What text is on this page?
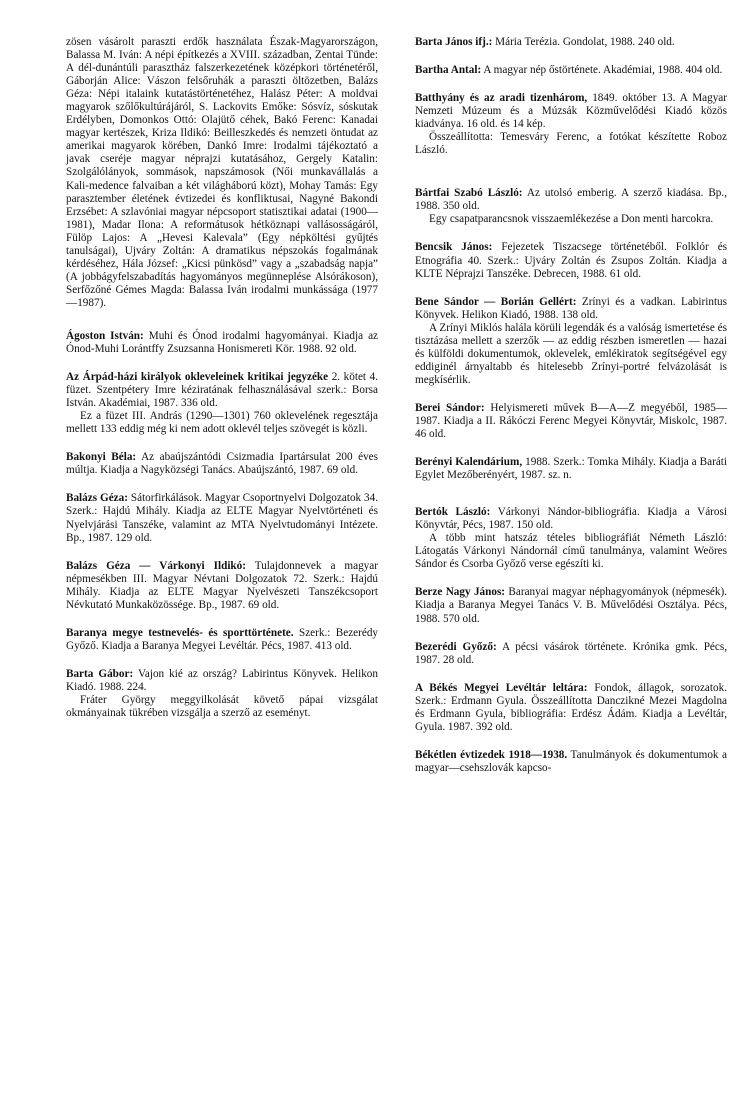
zösen vásárolt paraszti erdők használata Észak-Magyarországon, Balassa M. Iván: A népi építkezés a XVIII. században, Zentai Tünde: A dél-dunántúli parasztház falszerkezetének középkori történetéről, Gáborján Alice: Vászon felsőruhák a paraszti öltözetben, Balázs Géza: Népi italaink kutatástörténetéhez, Halász Péter: A moldvai magyarok szőlőkultúrájáról, S. Lackovits Emőke: Sósvíz, sóskutak Erdélyben, Domonkos Ottó: Olajütő céhek, Bakó Ferenc: Kanadai magyar kertészek, Kriza Ildikó: Beilleszkedés és nemzeti öntudat az amerikai magyarok körében, Dankó Imre: Irodalmi tájékoztató a javak cseréje magyar néprajzi kutatásához, Gergely Katalin: Szolgálólányok, sommások, napszámosok (Női munkavállalás a Kali-medence falvaiban a két világháború közt), Mohay Tamás: Egy parasztember életének évtizedei és konfliktusai, Nagyné Bakondi Erzsébet: A szlavóniai magyar népcsoport statisztikai adatai (1900—1981), Madar Ilona: A reformátusok hétköznapi vallásosságáról, Fülöp Lajos: A „Hevesi Kalevala” (Egy népköltési gyűjtés tanulságai), Ujváry Zoltán: A dramatikus népszokás fogalmának kérdéséhez, Hála József: „Kicsi pünkösd” vagy a „szabadság napja” (A jobbágyfelszabadítás hagyományos megünneplése Alsórákoson), Serfőzőné Gémes Magda: Balassa Iván irodalmi munkássága (1977—1987).

Ágoston István: Muhi és Ónod irodalmi hagyományai. Kiadja az Ónod-Muhi Lorántffy Zsuzsanna Honismereti Kör. 1988. 92 old.

Az Árpád-házi királyok okleveleinek kritikai jegyzéke 2. kötet 4. füzet. Szentpétery Imre kéziratának felhasználásával szerk.: Borsa István. Akadémiai, 1987. 336 old.

Ez a füzet III. András (1290—1301) 760 oklevelének regesztája mellett 133 eddig még ki nem adott oklevél teljes szövegét is közli.

Bakonyi Béla: Az abaújszántódi Csizmadia Ipartársulat 200 éves múltja. Kiadja a Nagyközségi Tanács. Abaújszántó, 1987. 69 old.

Balázs Géza: Sátorfirkálások. Magyar Csoportnyelvi Dolgozatok 34. Szerk.: Hajdú Mihály. Kiadja az ELTE Magyar Nyelvtörténeti és Nyelvjárási Tanszéke, valamint az MTA Nyelvtudományi Intézete. Bp., 1987. 129 old.

Balázs Géza — Várkonyi Ildikó: Tulajdonnevek a magyar népmesékben III. Magyar Névtani Dolgozatok 72. Szerk.: Hajdú Mihály. Kiadja az ELTE Magyar Nyelvészeti Tanszékcsoport Névkutató Munkaközössége. Bp., 1987. 69 old.

Baranya megye testnevelés- és sporttörténete. Szerk.: Bezerédy Győző. Kiadja a Baranya Megyei Levéltár. Pécs, 1987. 413 old.

Barta Gábor: Vajon kié az ország? Labirintus Könyvek. Helikon Kiadó. 1988. 224.

Fráter György meggyilkolását követő pápai vizsgálat okmányainak tükrében vizsgálja a szerző az eseményt.

Barta János ifj.: Mária Terézia. Gondolat, 1988. 240 old.

Bartha Antal: A magyar nép őstörténete. Akadémiai, 1988. 404 old.

Batthyány és az aradi tizenhárom, 1849. október 13. A Magyar Nemzeti Múzeum és a Múzsák Közművelődési Kiadó közös kiadványa. 16 old. és 14 kép.

Összeállította: Temesváry Ferenc, a fotókat készítette Roboz László.

Bártfai Szabó László: Az utolsó emberig. A szerző kiadása. Bp., 1988. 350 old.

Egy csapatparancsnok visszaemlékezése a Don menti harcokra.

Bencsik János: Fejezetek Tiszacsege történetéből. Folklór és Etnográfia 40. Szerk.: Ujváry Zoltán és Zsupos Zoltán. Kiadja a KLTE Néprajzi Tanszéke. Debrecen, 1988. 61 old.

Bene Sándor — Borián Gellért: Zrínyi és a vadkan. Labirintus Könyvek. Helikon Kiadó, 1988. 138 old.

A Zrínyi Miklós halála körüli legendák és a valóság ismertetése és tisztázása mellett a szerzők — az eddig részben ismeretlen — hazai és külföldi dokumentumok, oklevelek, emlékiratok segítségével egy eddiginél árnyaltabb és hitelesebb Zrínyi-portré felvázolását is megkísérlik.

Berei Sándor: Helyismereti művek B—A—Z megyéből, 1985—1987. Kiadja a II. Rákóczi Ferenc Megyei Könyvtár, Miskolc, 1987. 46 old.

Berényi Kalendárium, 1988. Szerk.: Tomka Mihály. Kiadja a Baráti Egylet Mezőberényért, 1987. sz. n.

Bertók László: Várkonyi Nándor-bibliográfia. Kiadja a Városi Könyvtár, Pécs, 1987. 150 old.

A több mint hatszáz tételes bibliográfiát Németh László: Látogatás Várkonyi Nándornál című tanulmánya, valamint Weöres Sándor és Csorba Győző verse egészíti ki.

Berze Nagy János: Baranyai magyar néphagyományok (népmesék). Kiadja a Baranya Megyei Tanács V. B. Művelődési Osztálya. Pécs, 1988. 570 old.

Bezerédi Győző: A pécsi vásárok története. Krónika gmk. Pécs, 1987. 28 old.

A Békés Megyei Levéltár leltára: Fondok, állagok, sorozatok. Szerk.: Erdmann Gyula. Összeállította Danczikné Mezei Magdolna és Erdmann Gyula, bibliográfia: Erdész Ádám. Kiadja a Levéltár, Gyula. 1987. 392 old.

Békétlen évtizedek 1918—1938. Tanulmányok és dokumentumok a magyar—csehszlovák kapcso-
